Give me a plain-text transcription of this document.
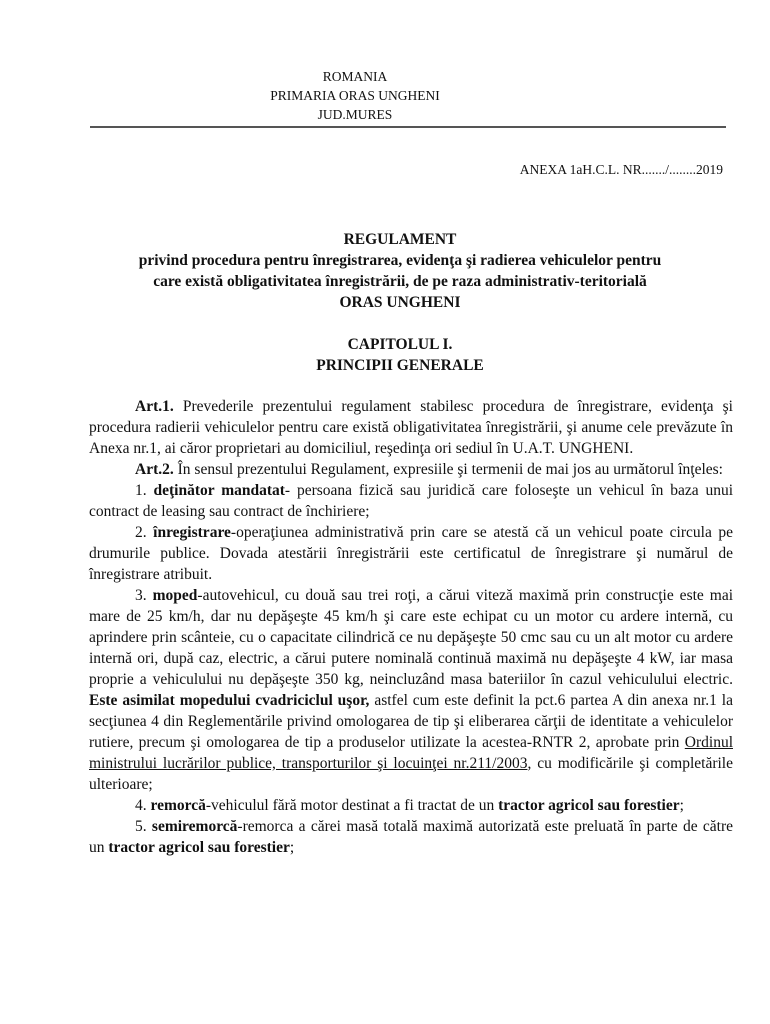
ROMANIA
PRIMARIA ORAS UNGHENI
JUD.MURES
ANEXA 1aH.C.L. NR......./........2019
REGULAMENT
privind procedura pentru înregistrarea, evidenţa şi radierea vehiculelor pentru
care există obligativitatea înregistrării, de pe raza administrativ-teritorială
ORAS UNGHENI
CAPITOLUL I.
PRINCIPII GENERALE

Art.1. Prevederile prezentului regulament stabilesc procedura de înregistrare, evidenţa şi procedura radierii vehiculelor pentru care există obligativitatea înregistrării, şi anume cele prevăzute în Anexa nr.1, ai căror proprietari au domiciliul, reşedinţa ori sediul în U.A.T. UNGHENI.

Art.2. În sensul prezentului Regulament, expresiile şi termenii de mai jos au următorul înţeles:

1. deţinător mandatat- persoana fizică sau juridică care foloseşte un vehicul în baza unui contract de leasing sau contract de închiriere;

2. înregistrare-operaţiunea administrativă prin care se atestă că un vehicul poate circula pe drumurile publice. Dovada atestării înregistrării este certificatul de înregistrare şi numărul de înregistrare atribuit.

3. moped-autovehicul, cu două sau trei roţi, a cărui viteză maximă prin construcţie este mai mare de 25 km/h, dar nu depăşeşte 45 km/h şi care este echipat cu un motor cu ardere internă, cu aprindere prin scânteie, cu o capacitate cilindrică ce nu depăşeşte 50 cmc sau cu un alt motor cu ardere internă ori, după caz, electric, a cărui putere nominală continuă maximă nu depăşeşte 4 kW, iar masa proprie a vehiculului nu depăşeşte 350 kg, neincluzând masa bateriilor în cazul vehiculului electric. Este asimilat mopedului cvadriciclul uşor, astfel cum este definit la pct.6 partea A din anexa nr.1 la secţiunea 4 din Reglementările privind omologarea de tip şi eliberarea cărţii de identitate a vehiculelor rutiere, precum şi omologarea de tip a produselor utilizate la acestea-RNTR 2, aprobate prin Ordinul ministrului lucrărilor publice, transporturilor şi locuinţei nr.211/2003, cu modificările şi completările ulterioare;

4. remorcă-vehiculul fără motor destinat a fi tractat de un tractor agricol sau forestier;

5. semiremorcă-remorca a cărei masă totală maximă autorizată este preluată în parte de către un tractor agricol sau forestier;
